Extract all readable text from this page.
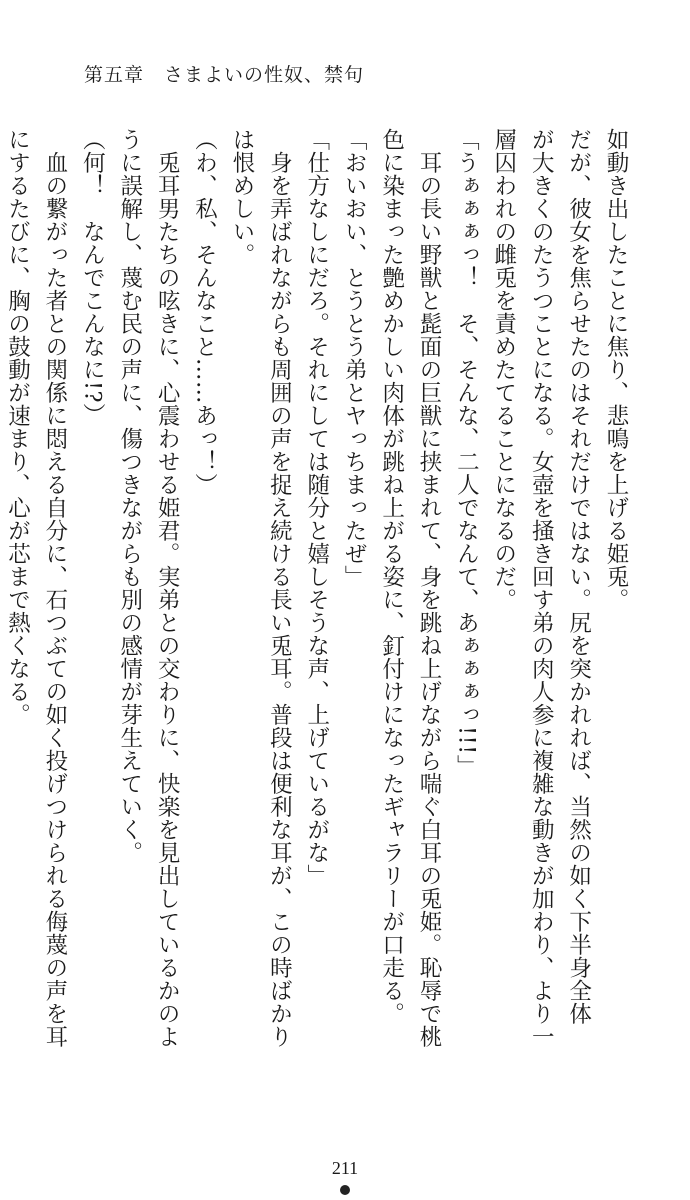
第五章　さまよいの性奴、禁句
如動き出したことに焦り、悲鳴を上げる姫兎。
だが、彼女を焦らせたのはそれだけではない。尻を突かれれば、当然の如く下半身全体
が大きくのたうつことになる。女壺を掻き回す弟の肉人参に複雑な動きが加わり、より一
層囚われの雌兎を責めたてることになるのだ。
「うぁぁぁっ！　そ、そんな、二人でなんて、あぁぁぁっ!!!」
　耳の長い野獣と髭面の巨獣に挟まれて、身を跳ね上げながら喘ぐ白耳の兎姫。恥辱で桃
色に染まった艶めかしい肉体が跳ね上がる姿に、釘付けになったギャラリーが口走る。
「おいおい、とうとう弟とヤっちまったぜ」
「仕方なしにだろ。それにしては随分と嬉しそうな声、上げているがな」
　身を弄ばれながらも周囲の声を捉え続ける長い兎耳。普段は便利な耳が、この時ばかり
は恨めしい。
（わ、私、そんなこと……あっ！）
　兎耳男たちの呟きに、心震わせる姫君。実弟との交わりに、快楽を見出しているかのよ
うに誤解し、蔑む民の声に、傷つきながらも別の感情が芽生えていく。
（何！　なんでこんなに!?）
　血の繋がった者との関係に悶える自分に、石つぶての如く投げつけられる侮蔑の声を耳
にするたびに、胸の鼓動が速まり、心が芯まで熱くなる。
211
